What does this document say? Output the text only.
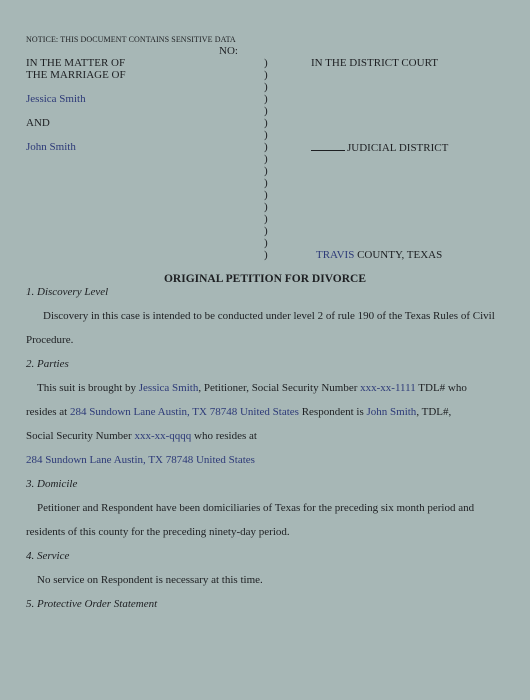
NOTICE: THIS DOCUMENT CONTAINS SENSITIVE DATA
NO:
IN THE MATTER OF
THE MARRIAGE OF
Jessica Smith
AND
John Smith
)
)
)
)
)
)
)
)
)
)
)
)
)
)
)
)
)
IN THE DISTRICT COURT
JUDICIAL DISTRICT
TRAVIS COUNTY, TEXAS
ORIGINAL PETITION FOR DIVORCE
1. Discovery Level
Discovery in this case is intended to be conducted under level 2 of rule 190 of the Texas Rules of Civil
Procedure.
2. Parties
This suit is brought by Jessica Smith, Petitioner, Social Security Number xxx-xx-1111 TDL# who
resides at 284 Sundown Lane Austin, TX 78748 United States Respondent is John Smith, TDL#,
Social Security Number xxx-xx-qqqq who resides at
284 Sundown Lane Austin, TX 78748 United States
3. Domicile
Petitioner and Respondent have been domiciliaries of Texas for the preceding six month period and
residents of this county for the preceding ninety-day period.
4. Service
No service on Respondent is necessary at this time.
5. Protective Order Statement
